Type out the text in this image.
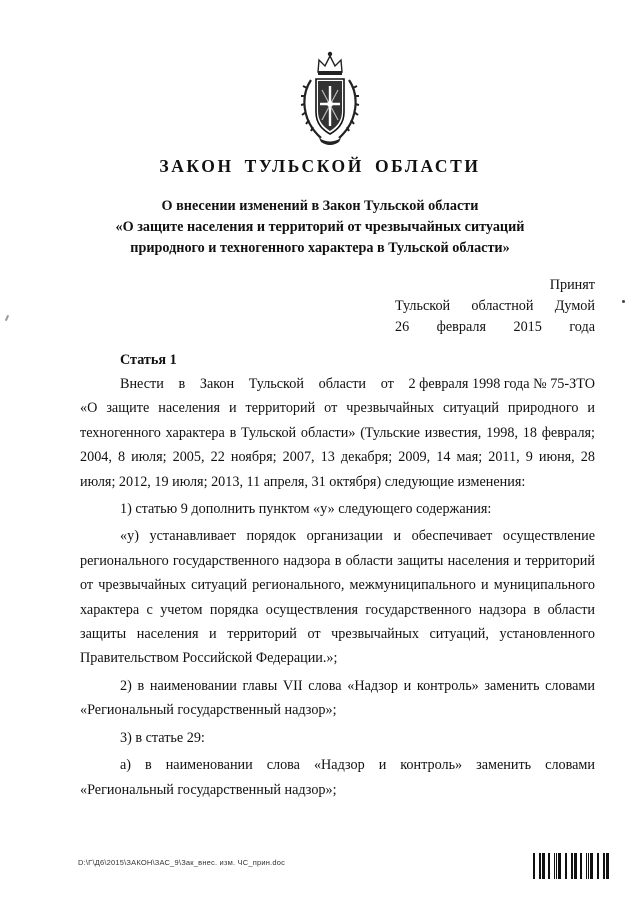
ЗАКОН ТУЛЬСКОЙ ОБЛАСТИ
О внесении изменений в Закон Тульской области
«О защите населения и территорий от чрезвычайных ситуаций
природного и техногенного характера в Тульской области»
Принят
Тульской областной Думой
26 февраля 2015 года
Статья 1
Внести в Закон Тульской области от 2 февраля 1998 года № 75-ЗТО

«О защите населения и территорий от чрезвычайных ситуаций природного и техногенного характера в Тульской области» (Тульские известия, 1998, 18 февраля; 2004, 8 июля; 2005, 22 ноября; 2007, 13 декабря; 2009, 14 мая; 2011, 9 июня, 28 июля; 2012, 19 июля; 2013, 11 апреля, 31 октября) следующие изменения:

1) статью 9 дополнить пунктом «у» следующего содержания:

«у) устанавливает порядок организации и обеспечивает осуществление регионального государственного надзора в области защиты населения и территорий от чрезвычайных ситуаций регионального, межмуниципального и муниципального характера с учетом порядка осуществления государственного надзора в области защиты населения и территорий от чрезвычайных ситуаций, установленного Правительством Российской Федерации.»;

2) в наименовании главы VII слова «Надзор и контроль» заменить словами «Региональный государственный надзор»;

3) в статье 29:

а) в наименовании слова «Надзор и контроль» заменить словами «Региональный государственный надзор»;

D:\Г\Д6\2015\ЗАКОН\ЗАС_9\Зак_внес. изм. ЧС_прин.doc
